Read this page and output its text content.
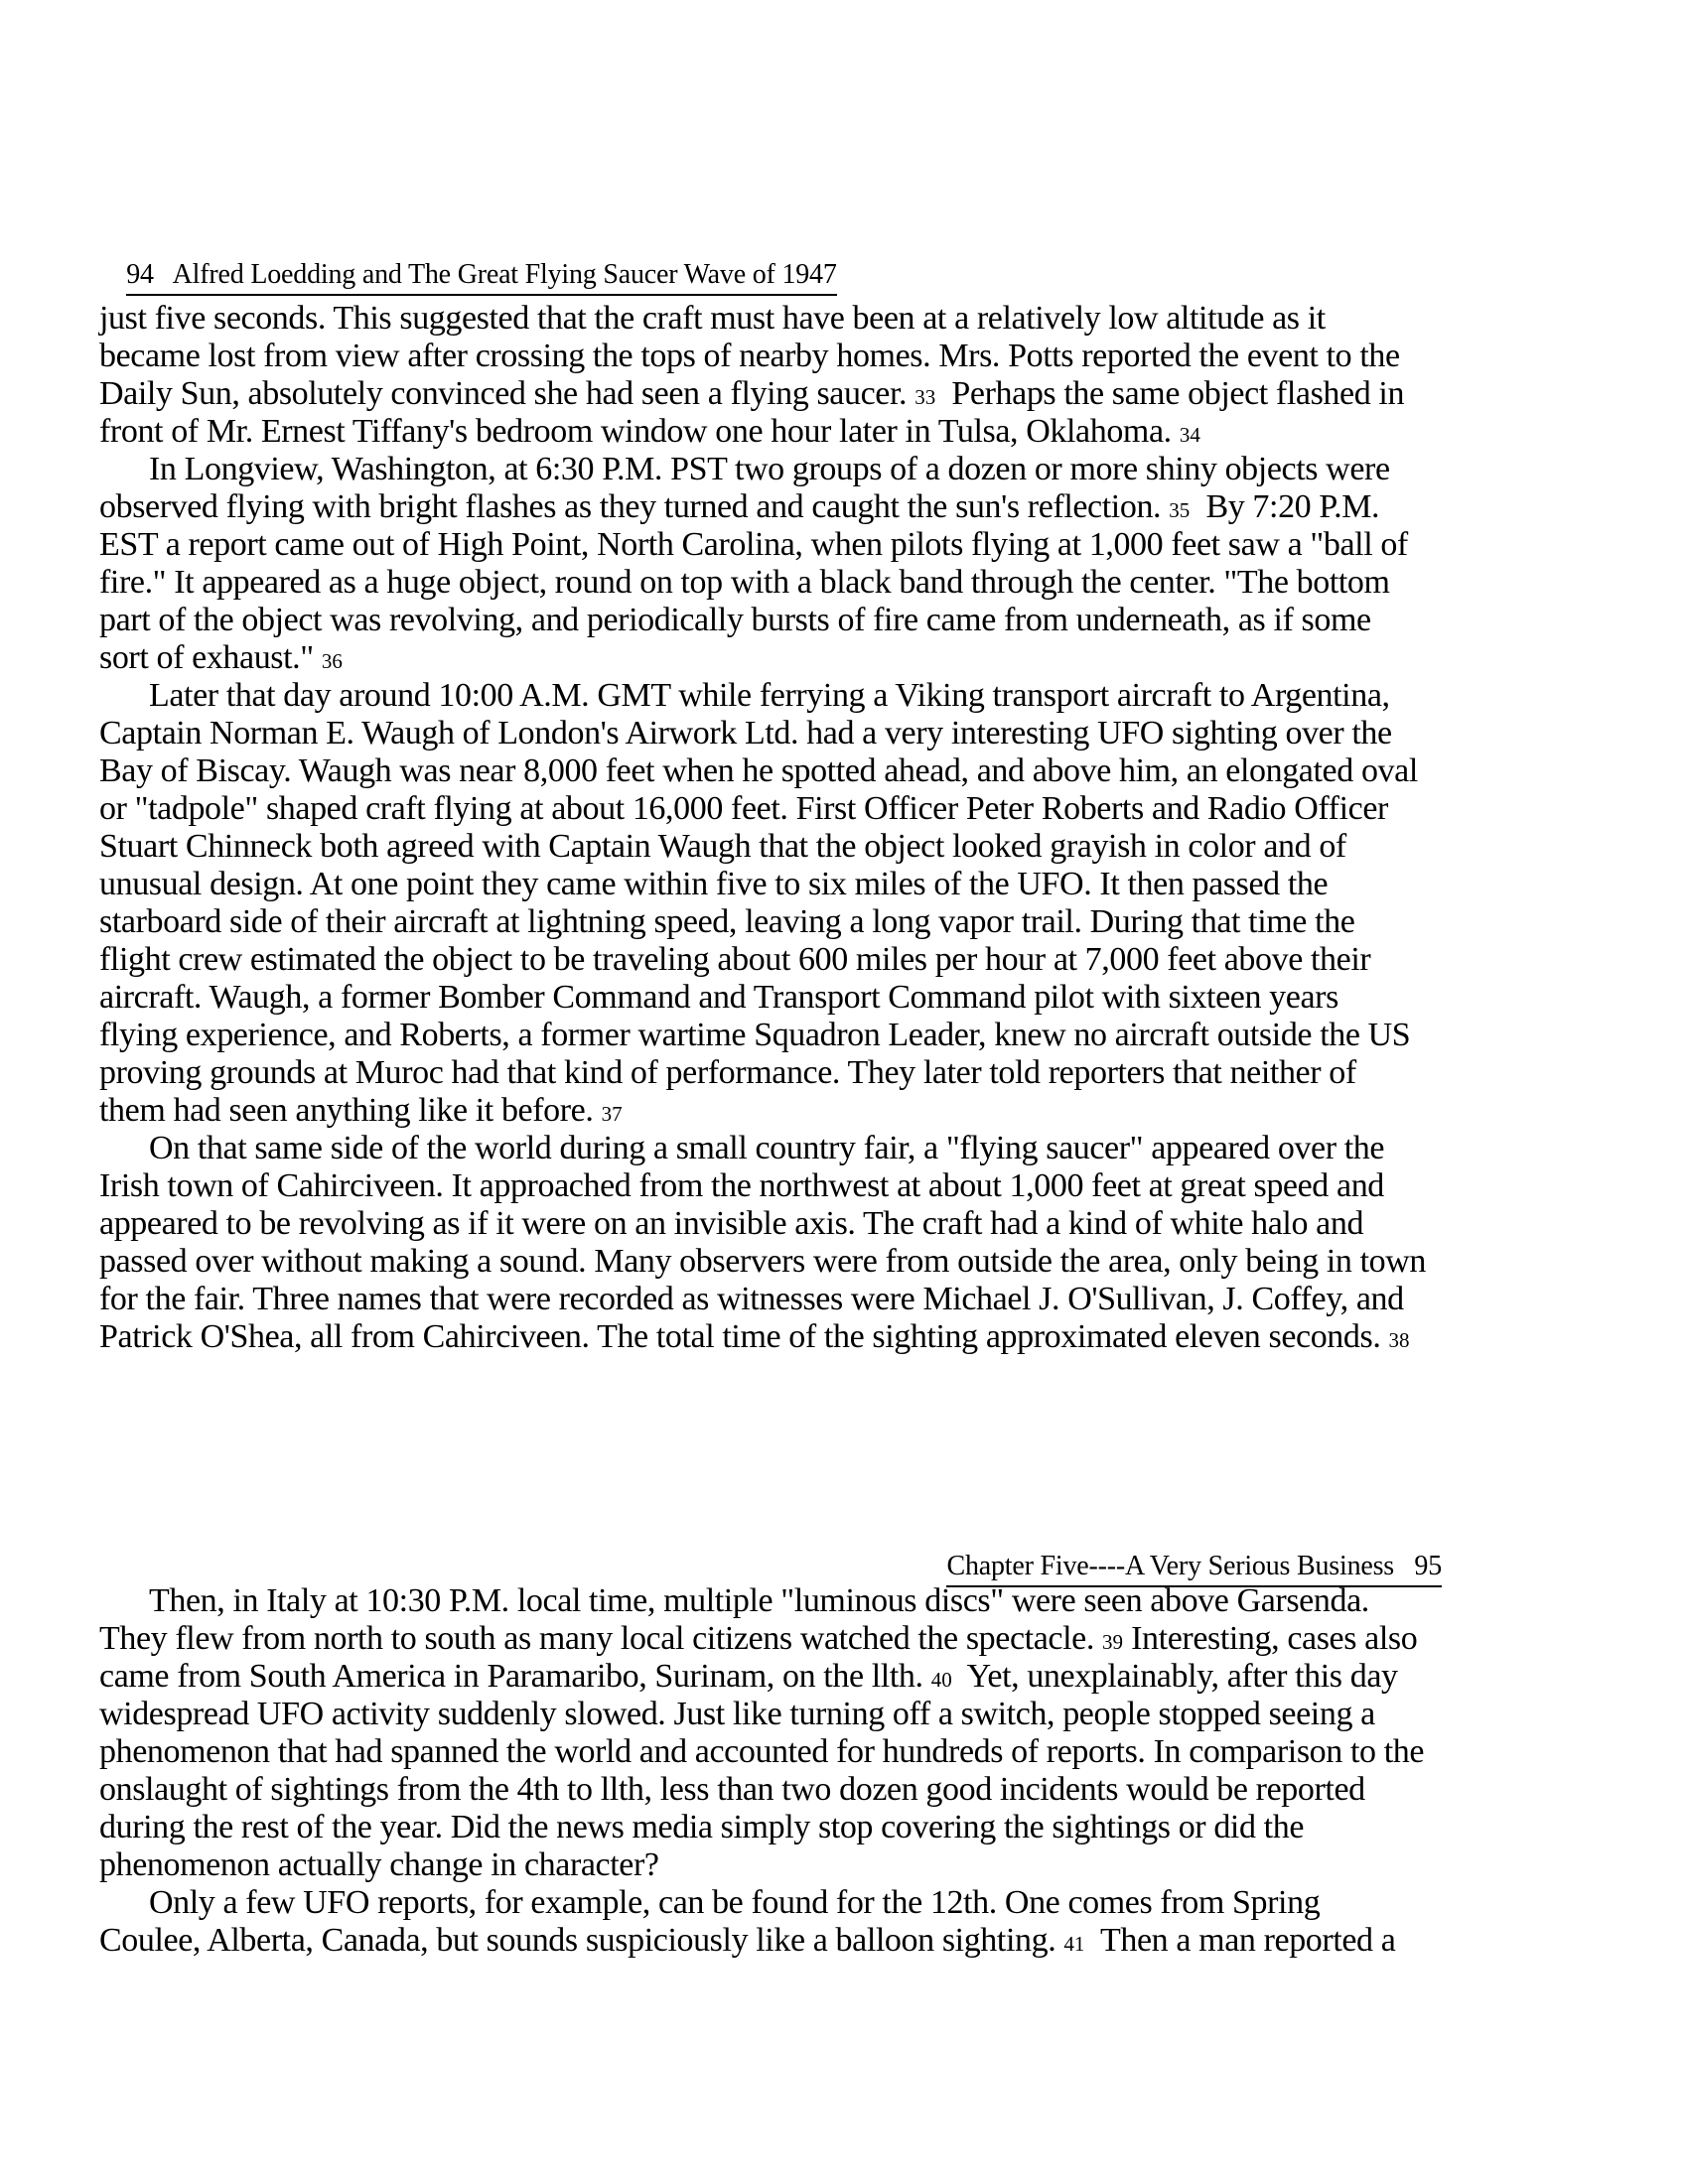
94   Alfred Loedding and The Great Flying Saucer Wave of 1947

just five seconds. This suggested that the craft must have been at a relatively low altitude as it
became lost from view after crossing the tops of nearby homes. Mrs. Potts reported the event to the
Daily Sun, absolutely convinced she had seen a flying saucer. 33  Perhaps the same object flashed in
front of Mr. Ernest Tiffany's bedroom window one hour later in Tulsa, Oklahoma. 34
In Longview, Washington, at 6:30 P.M. PST two groups of a dozen or more shiny objects were
observed flying with bright flashes as they turned and caught the sun's reflection. 35  By 7:20 P.M.
EST a report came out of High Point, North Carolina, when pilots flying at 1,000 feet saw a "ball of
fire." It appeared as a huge object, round on top with a black band through the center. "The bottom
part of the object was revolving, and periodically bursts of fire came from underneath, as if some
sort of exhaust." 36
Later that day around 10:00 A.M. GMT while ferrying a Viking transport aircraft to Argentina,
Captain Norman E. Waugh of London's Airwork Ltd. had a very interesting UFO sighting over the
Bay of Biscay. Waugh was near 8,000 feet when he spotted ahead, and above him, an elongated oval
or "tadpole" shaped craft flying at about 16,000 feet. First Officer Peter Roberts and Radio Officer
Stuart Chinneck both agreed with Captain Waugh that the object looked grayish in color and of
unusual design. At one point they came within five to six miles of the UFO. It then passed the
starboard side of their aircraft at lightning speed, leaving a long vapor trail. During that time the
flight crew estimated the object to be traveling about 600 miles per hour at 7,000 feet above their
aircraft. Waugh, a former Bomber Command and Transport Command pilot with sixteen years
flying experience, and Roberts, a former wartime Squadron Leader, knew no aircraft outside the US
proving grounds at Muroc had that kind of performance. They later told reporters that neither of
them had seen anything like it before. 37
On that same side of the world during a small country fair, a "flying saucer" appeared over the
Irish town of Cahirciveen. It approached from the northwest at about 1,000 feet at great speed and
appeared to be revolving as if it were on an invisible axis. The craft had a kind of white halo and
passed over without making a sound. Many observers were from outside the area, only being in town
for the fair. Three names that were recorded as witnesses were Michael J. O'Sullivan, J. Coffey, and
Patrick O'Shea, all from Cahirciveen. The total time of the sighting approximated eleven seconds. 38

Chapter Five----A Very Serious Business   95

Then, in Italy at 10:30 P.M. local time, multiple "luminous discs" were seen above Garsenda.
They flew from north to south as many local citizens watched the spectacle. 39 Interesting, cases also
came from South America in Paramaribo, Surinam, on the llth. 40  Yet, unexplainably, after this day
widespread UFO activity suddenly slowed. Just like turning off a switch, people stopped seeing a
phenomenon that had spanned the world and accounted for hundreds of reports. In comparison to the
onslaught of sightings from the 4th to llth, less than two dozen good incidents would be reported
during the rest of the year. Did the news media simply stop covering the sightings or did the
phenomenon actually change in character?
Only a few UFO reports, for example, can be found for the 12th. One comes from Spring
Coulee, Alberta, Canada, but sounds suspiciously like a balloon sighting. 41  Then a man reported a
